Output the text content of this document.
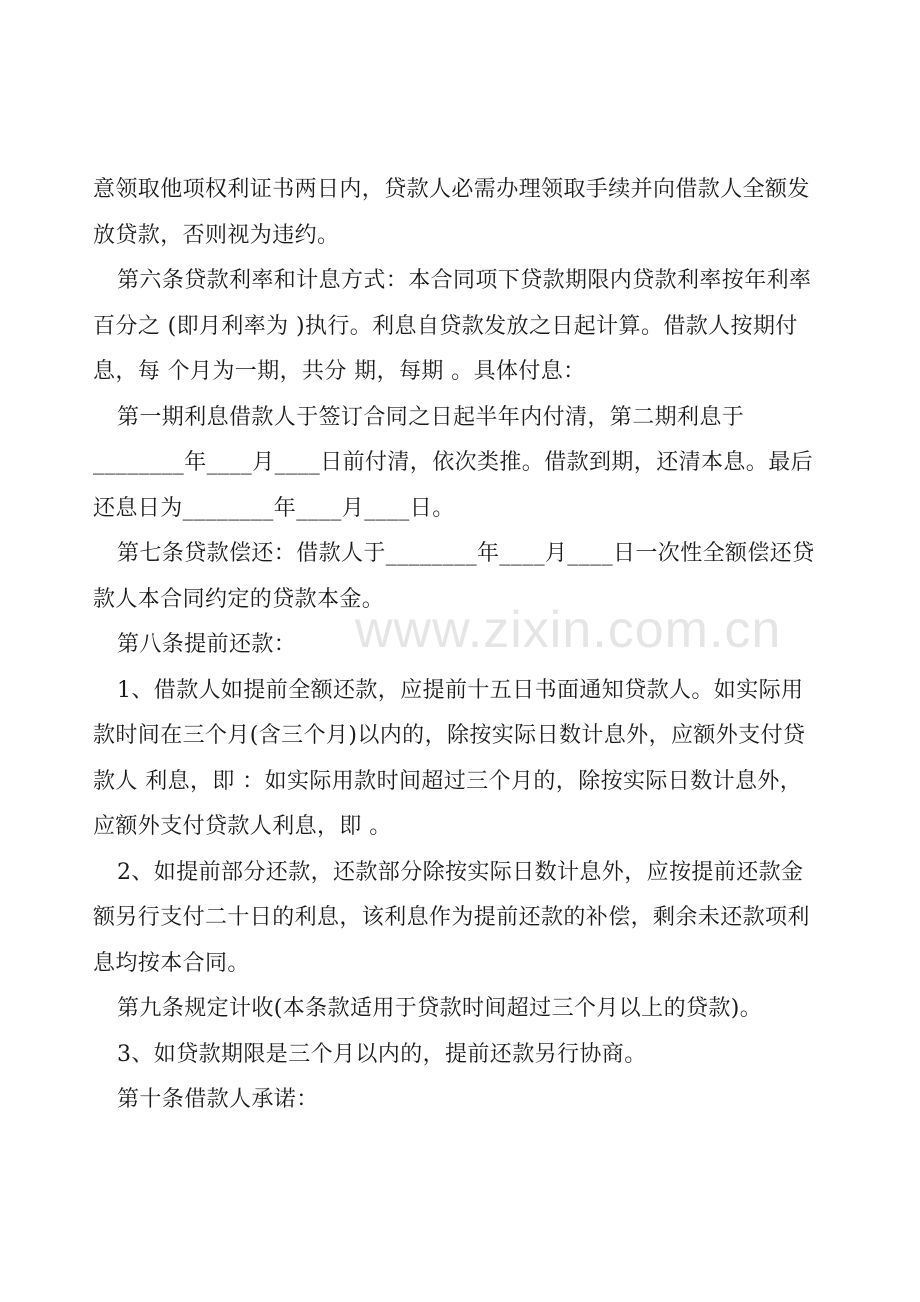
意领取他项权利证书两日内，贷款人必需办理领取手续并向借款人全额发
放贷款，否则视为违约。
第六条贷款利率和计息方式：本合同项下贷款期限内贷款利率按年利率
百分之 (即月利率为 )执行。利息自贷款发放之日起计算。借款人按期付
息，每 个月为一期，共分 期，每期 。具体付息：
第一期利息借款人于签订合同之日起半年内付清，第二期利息于
________年____月____日前付清，依次类推。借款到期，还清本息。最后
还息日为________年____月____日。
第七条贷款偿还：借款人于________年____月____日一次性全额偿还贷
款人本合同约定的贷款本金。
第八条提前还款：
1、借款人如提前全额还款，应提前十五日书面通知贷款人。如实际用
款时间在三个月(含三个月)以内的，除按实际日数计息外，应额外支付贷
款人 利息，即 ：如实际用款时间超过三个月的，除按实际日数计息外，
应额外支付贷款人利息，即 。
2、如提前部分还款，还款部分除按实际日数计息外，应按提前还款金
额另行支付二十日的利息，该利息作为提前还款的补偿，剩余未还款项利
息均按本合同。
第九条规定计收(本条款适用于贷款时间超过三个月以上的贷款)。
3、如贷款期限是三个月以内的，提前还款另行协商。
第十条借款人承诺：
www.zixin.com.cn
